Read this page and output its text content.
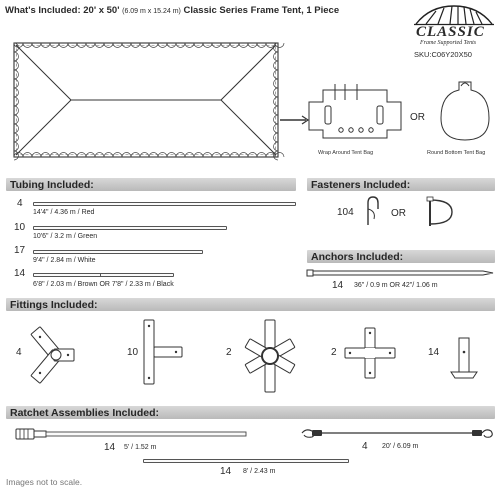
What's Included: 20' x 50' (6.09 m x 15.24 m) Classic Series Frame Tent, 1 Piece
CLASSIC
Frame Supported Tents
SKU:C06Y20X50
Wrap Around Tent Bag
OR
Round Bottom Tent Bag
Tubing Included:
4
14'4" / 4.36 m / Red
10
10'6" / 3.2 m / Green
17
9'4" / 2.84 m / White
14
6'8" / 2.03 m / Brown OR 7'8" / 2.33 m / Black
Fasteners Included:
104	OR
Anchors Included:
14 36" / 0.9 m OR 42"/ 1.06 m
Fittings Included:
4	10	2	2	14
Ratchet Assemblies Included:
14 5' / 1.52 m	4 20' / 6.09 m
14 8' / 2.43 m
Images not to scale.
